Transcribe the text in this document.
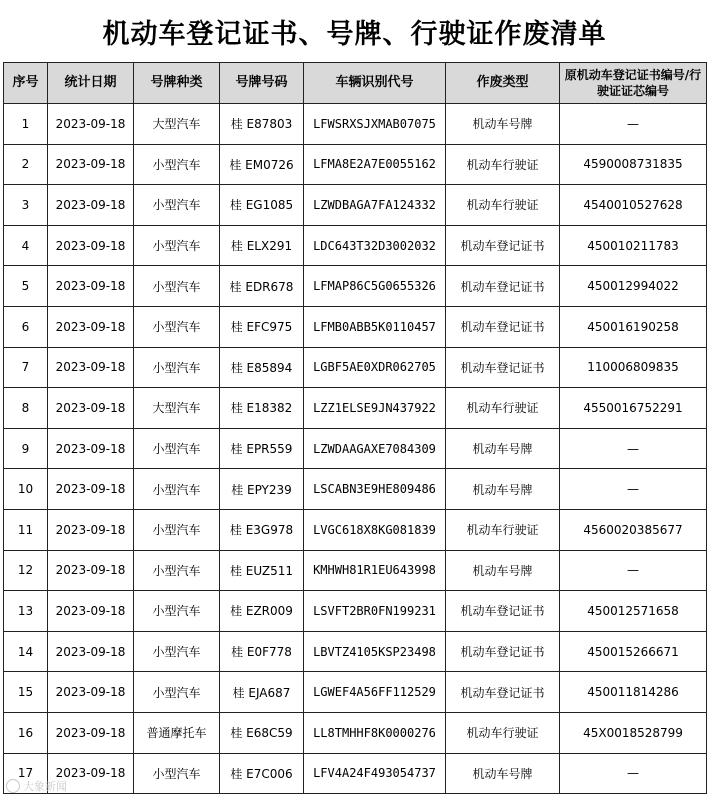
机动车登记证书、号牌、行驶证作废清单
序号	统计日期	号牌种类	号牌号码	车辆识别代号	作废类型	原机动车登记证书编号/行驶证证芯编号
1	2023-09-18	大型汽车	桂 E87803	LFWSRXSJXMAB07075	机动车号牌	—
2	2023-09-18	小型汽车	桂 EM0726	LFMA8E2A7E0055162	机动车行驶证	4590008731835
3	2023-09-18	小型汽车	桂 EG1085	LZWDBAGA7FA124332	机动车行驶证	4540010527628
4	2023-09-18	小型汽车	桂 ELX291	LDC643T32D3002032	机动车登记证书	450010211783
5	2023-09-18	小型汽车	桂 EDR678	LFMAP86C5G0655326	机动车登记证书	450012994022
6	2023-09-18	小型汽车	桂 EFC975	LFMB0ABB5K0110457	机动车登记证书	450016190258
7	2023-09-18	小型汽车	桂 E85894	LGBF5AE0XDR062705	机动车登记证书	110006809835
8	2023-09-18	大型汽车	桂 E18382	LZZ1ELSE9JN437922	机动车行驶证	4550016752291
9	2023-09-18	小型汽车	桂 EPR559	LZWDAAGAXE7084309	机动车号牌	—
10	2023-09-18	小型汽车	桂 EPY239	LSCABN3E9HE809486	机动车号牌	—
11	2023-09-18	小型汽车	桂 E3G978	LVGC618X8KG081839	机动车行驶证	4560020385677
12	2023-09-18	小型汽车	桂 EUZ511	KMHWH81R1EU643998	机动车号牌	—
13	2023-09-18	小型汽车	桂 EZR009	LSVFT2BR0FN199231	机动车登记证书	450012571658
14	2023-09-18	小型汽车	桂 E0F778	LBVTZ4105KSP23498	机动车登记证书	450015266671
15	2023-09-18	小型汽车	桂 EJA687	LGWEF4A56FF112529	机动车登记证书	450011814286
16	2023-09-18	普通摩托车	桂 E68C59	LL8TMHHF8K0000276	机动车行驶证	45X0018528799
17	2023-09-18	小型汽车	桂 E7C006	LFV4A24F493054737	机动车号牌	—
大象新闻
